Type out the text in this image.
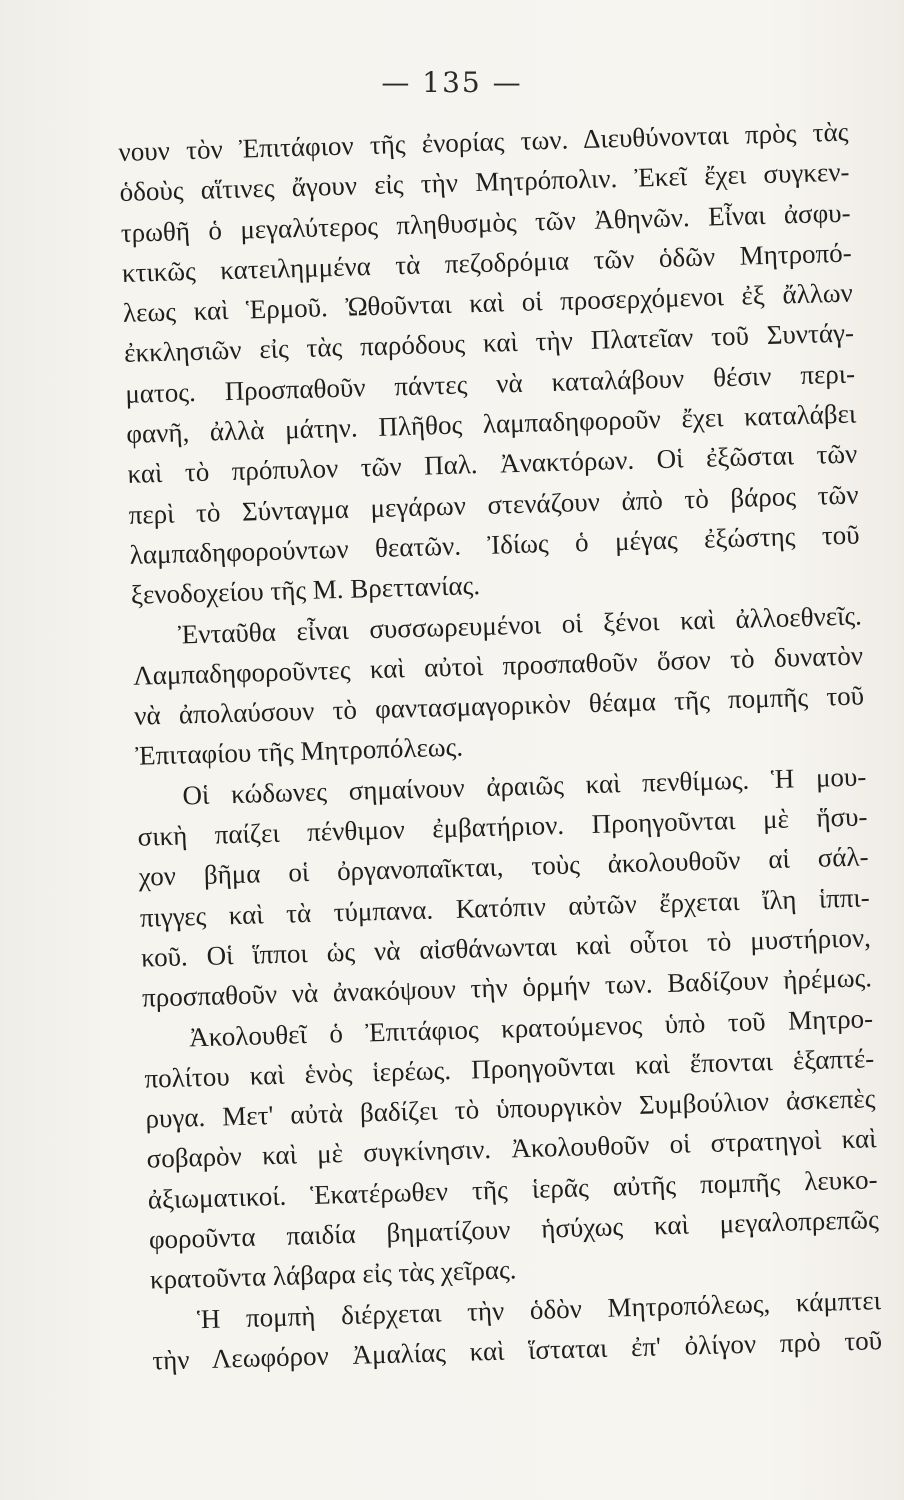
— 135 —
νουν τὸν Ἐπιτάφιον τῆς ἐνορίας των. Διευθύνονται πρὸς τὰς
ὁδοὺς αἵτινες ἄγουν εἰς τὴν Μητρόπολιν. Ἐκεῖ ἔχει συγκεν-
τρωθῆ ὁ μεγαλύτερος πληθυσμὸς τῶν Ἀθηνῶν. Εἶναι ἀσφυ-
κτικῶς κατειλημμένα τὰ πεζοδρόμια τῶν ὁδῶν Μητροπό-
λεως καὶ Ἑρμοῦ. Ὠθοῦνται καὶ οἱ προσερχόμενοι ἐξ ἄλλων
ἐκκλησιῶν εἰς τὰς παρόδους καὶ τὴν Πλατεῖαν τοῦ Συντάγ-
ματος. Προσπαθοῦν πάντες νὰ καταλάβουν θέσιν περι-
φανῆ, ἀλλὰ μάτην. Πλῆθος λαμπαδηφοροῦν ἔχει καταλάβει
καὶ τὸ πρόπυλον τῶν Παλ. Ἀνακτόρων. Οἱ ἐξῶσται τῶν
περὶ τὸ Σύνταγμα μεγάρων στενάζουν ἀπὸ τὸ βάρος τῶν
λαμπαδηφορούντων θεατῶν. Ἰδίως ὁ μέγας ἐξώστης τοῦ
ξενοδοχείου τῆς Μ. Βρεττανίας.
Ἐνταῦθα εἶναι συσσωρευμένοι οἱ ξένοι καὶ ἀλλοεθνεῖς.
Λαμπαδηφοροῦντες καὶ αὐτοὶ προσπαθοῦν ὅσον τὸ δυνατὸν
νὰ ἀπολαύσουν τὸ φαντασμαγορικὸν θέαμα τῆς πομπῆς τοῦ
Ἐπιταφίου τῆς Μητροπόλεως.
Οἱ κώδωνες σημαίνουν ἀραιῶς καὶ πενθίμως. Ἡ μου-
σικὴ παίζει πένθιμον ἐμβατήριον. Προηγοῦνται μὲ ἥσυ-
χον βῆμα οἱ ὀργανοπαῖκται, τοὺς ἀκολουθοῦν αἱ σάλ-
πιγγες καὶ τὰ τύμπανα. Κατόπιν αὐτῶν ἔρχεται ἴλη ἱππι-
κοῦ. Οἱ ἵπποι ὡς νὰ αἰσθάνωνται καὶ οὗτοι τὸ μυστήριον,
προσπαθοῦν νὰ ἀνακόψουν τὴν ὁρμήν των. Βαδίζουν ἠρέμως.
Ἀκολουθεῖ ὁ Ἐπιτάφιος κρατούμενος ὑπὸ τοῦ Μητρο-
πολίτου καὶ ἑνὸς ἱερέως. Προηγοῦνται καὶ ἕπονται ἑξαπτέ-
ρυγα. Μετ' αὐτὰ βαδίζει τὸ ὑπουργικὸν Συμβούλιον ἀσκεπὲς
σοβαρὸν καὶ μὲ συγκίνησιν. Ἀκολουθοῦν οἱ στρατηγοὶ καὶ
ἀξιωματικοί. Ἑκατέρωθεν τῆς ἱερᾶς αὐτῆς πομπῆς λευκο-
φοροῦντα παιδία βηματίζουν ἡσύχως καὶ μεγαλοπρεπῶς
κρατοῦντα λάβαρα εἰς τὰς χεῖρας.
Ἡ πομπὴ διέρχεται τὴν ὁδὸν Μητροπόλεως, κάμπτει
τὴν Λεωφόρον Ἀμαλίας καὶ ἵσταται ἐπ' ὀλίγον πρὸ τοῦ
